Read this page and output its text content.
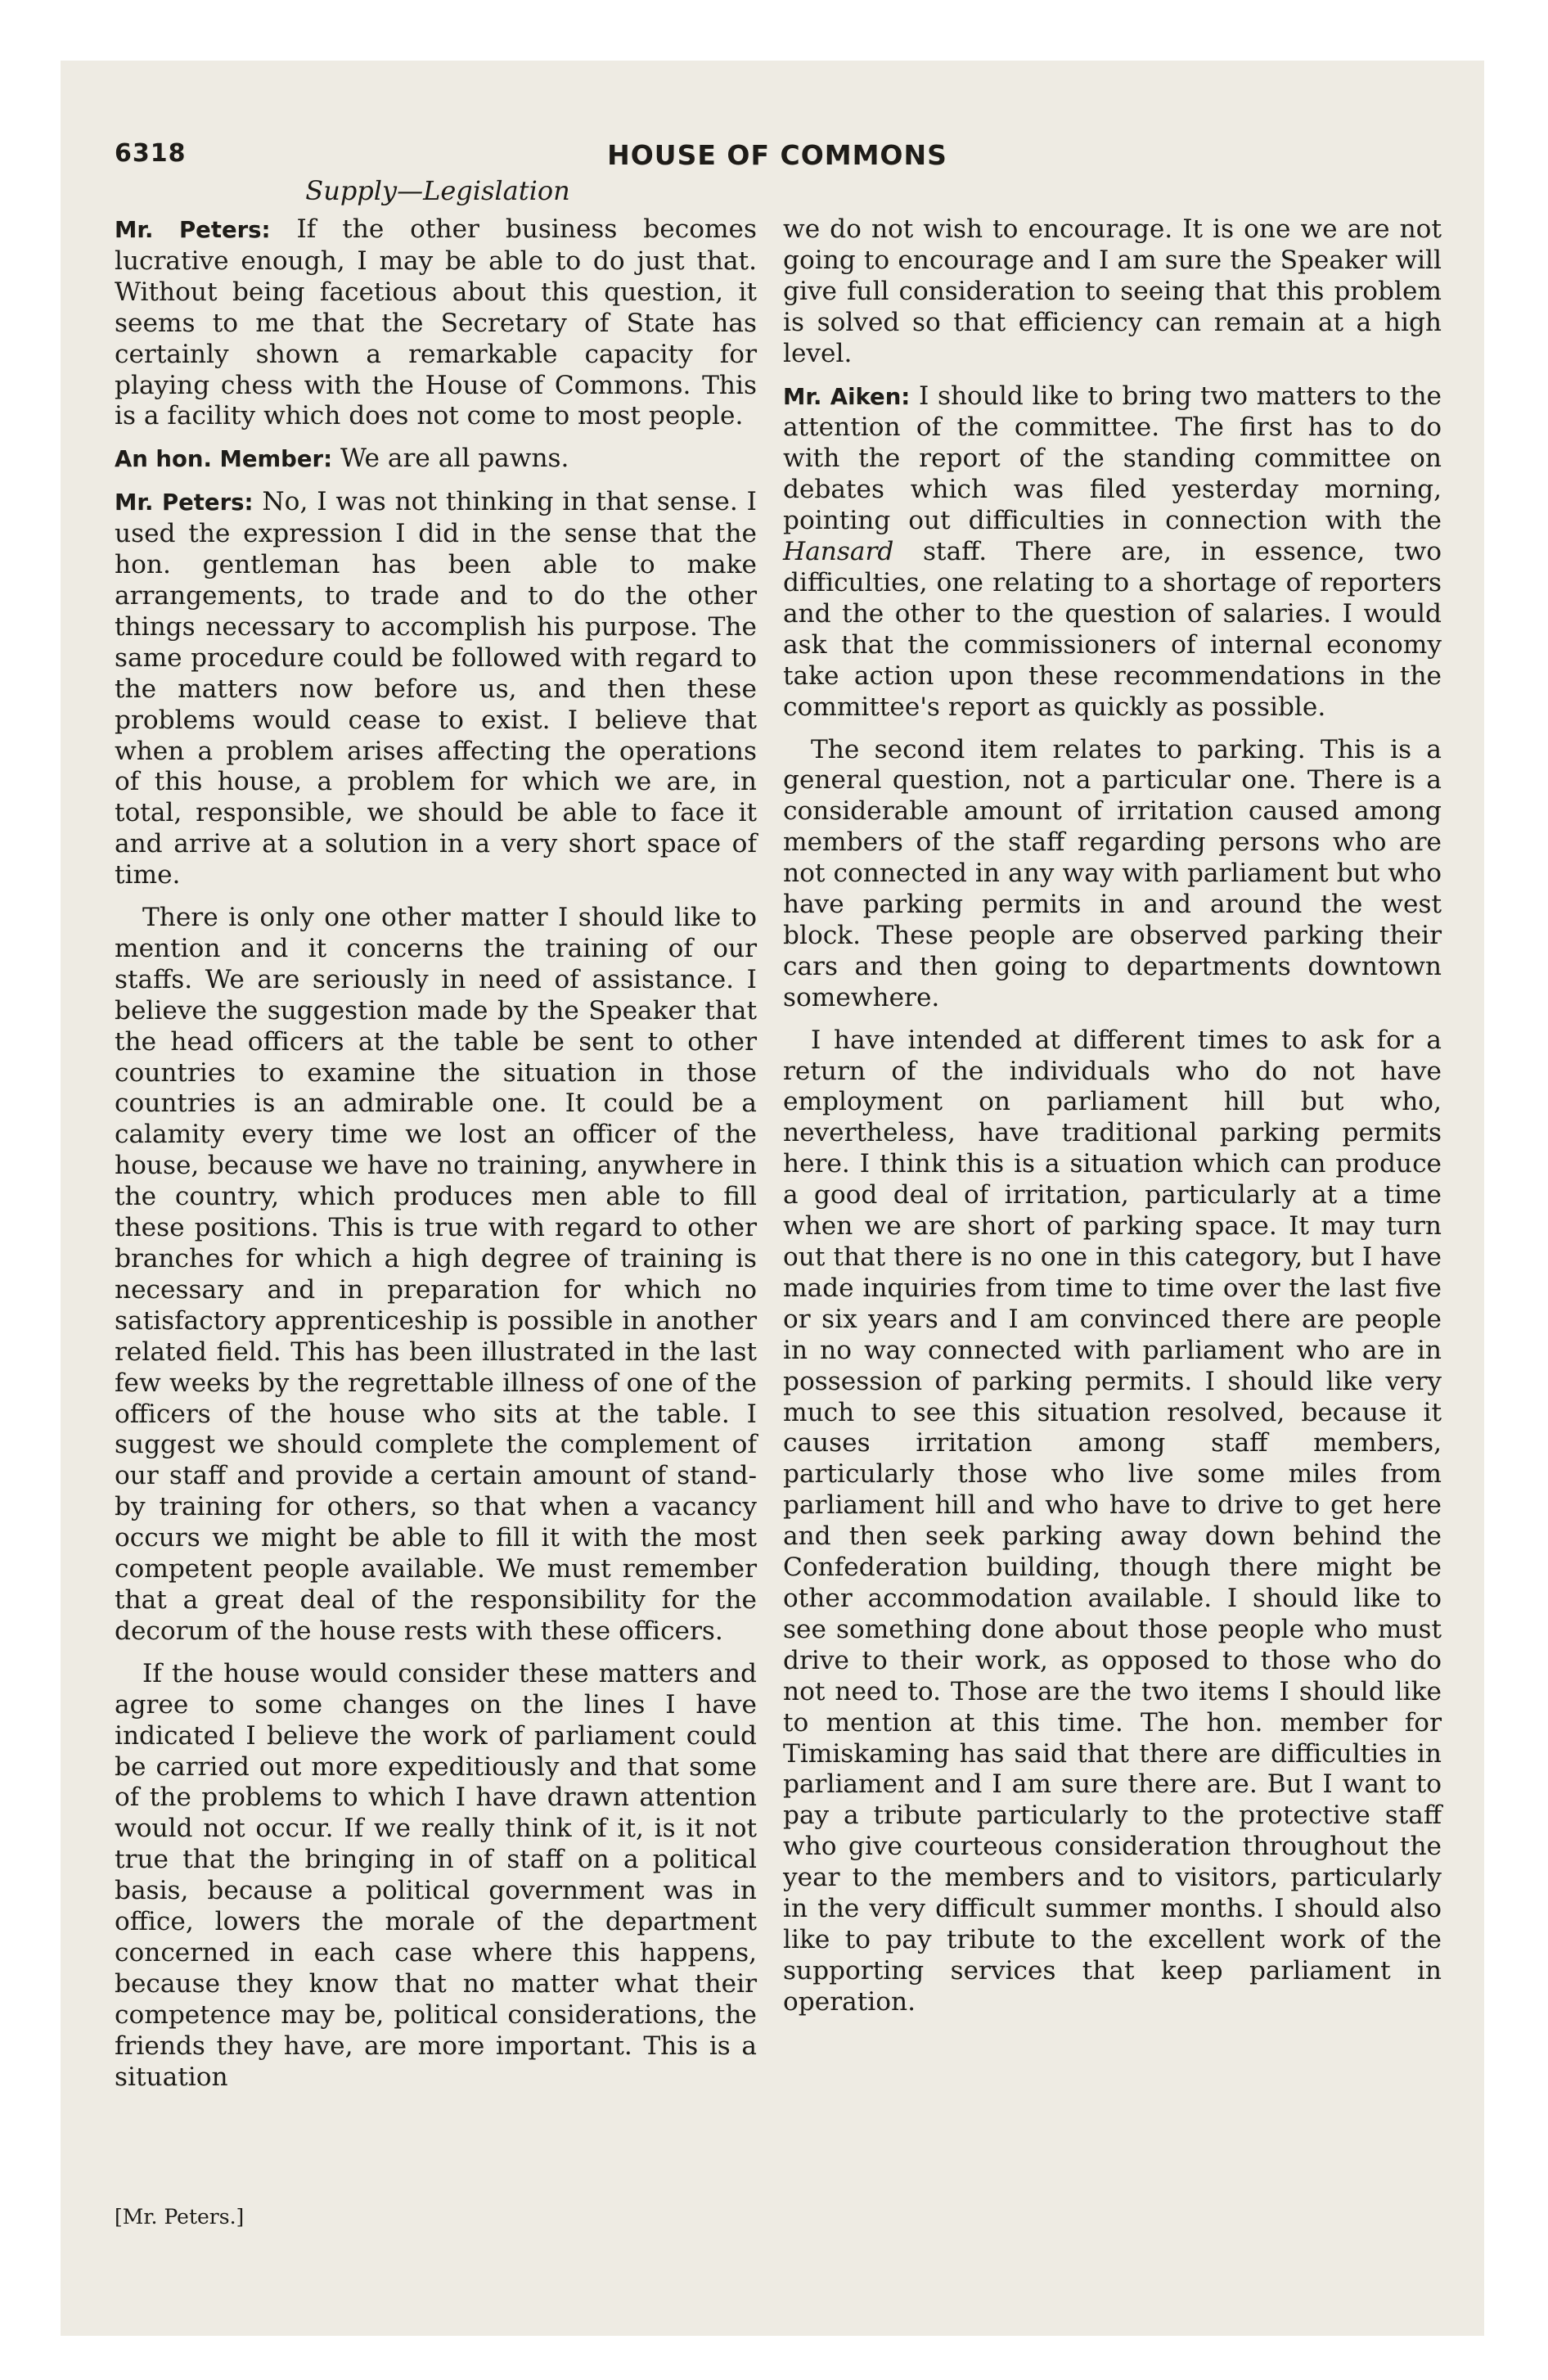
6318	HOUSE OF COMMONS
Supply—Legislation

Mr. Peters: If the other business becomes lucrative enough, I may be able to do just that. Without being facetious about this question, it seems to me that the Secretary of State has certainly shown a remarkable capacity for playing chess with the House of Commons. This is a facility which does not come to most people.

An hon. Member: We are all pawns.

Mr. Peters: No, I was not thinking in that sense. I used the expression I did in the sense that the hon. gentleman has been able to make arrangements, to trade and to do the other things necessary to accomplish his purpose. The same procedure could be followed with regard to the matters now before us, and then these problems would cease to exist. I believe that when a problem arises affecting the operations of this house, a problem for which we are, in total, responsible, we should be able to face it and arrive at a solution in a very short space of time.

There is only one other matter I should like to mention and it concerns the training of our staffs. We are seriously in need of assistance. I believe the suggestion made by the Speaker that the head officers at the table be sent to other countries to examine the situation in those countries is an admirable one. It could be a calamity every time we lost an officer of the house, because we have no training, anywhere in the country, which produces men able to fill these positions. This is true with regard to other branches for which a high degree of training is necessary and in preparation for which no satisfactory apprenticeship is possible in another related field. This has been illustrated in the last few weeks by the regrettable illness of one of the officers of the house who sits at the table. I suggest we should complete the complement of our staff and provide a certain amount of stand-by training for others, so that when a vacancy occurs we might be able to fill it with the most competent people available. We must remember that a great deal of the responsibility for the decorum of the house rests with these officers.

If the house would consider these matters and agree to some changes on the lines I have indicated I believe the work of parliament could be carried out more expeditiously and that some of the problems to which I have drawn attention would not occur. If we really think of it, is it not true that the bringing in of staff on a political basis, because a political government was in office, lowers the morale of the department concerned in each case where this happens, because they know that no matter what their competence may be, political considerations, the friends they have, are more important. This is a situation

we do not wish to encourage. It is one we are not going to encourage and I am sure the Speaker will give full consideration to seeing that this problem is solved so that efficiency can remain at a high level.

Mr. Aiken: I should like to bring two matters to the attention of the committee. The first has to do with the report of the standing committee on debates which was filed yesterday morning, pointing out difficulties in connection with the Hansard staff. There are, in essence, two difficulties, one relating to a shortage of reporters and the other to the question of salaries. I would ask that the commissioners of internal economy take action upon these recommendations in the committee's report as quickly as possible.

The second item relates to parking. This is a general question, not a particular one. There is a considerable amount of irritation caused among members of the staff regarding persons who are not connected in any way with parliament but who have parking permits in and around the west block. These people are observed parking their cars and then going to departments downtown somewhere.

I have intended at different times to ask for a return of the individuals who do not have employment on parliament hill but who, nevertheless, have traditional parking permits here. I think this is a situation which can produce a good deal of irritation, particularly at a time when we are short of parking space. It may turn out that there is no one in this category, but I have made inquiries from time to time over the last five or six years and I am convinced there are people in no way connected with parliament who are in possession of parking permits. I should like very much to see this situation resolved, because it causes irritation among staff members, particularly those who live some miles from parliament hill and who have to drive to get here and then seek parking away down behind the Confederation building, though there might be other accommodation available. I should like to see something done about those people who must drive to their work, as opposed to those who do not need to. Those are the two items I should like to mention at this time. The hon. member for Timiskaming has said that there are difficulties in parliament and I am sure there are. But I want to pay a tribute particularly to the protective staff who give courteous consideration throughout the year to the members and to visitors, particularly in the very difficult summer months. I should also like to pay tribute to the excellent work of the supporting services that keep parliament in operation.

[Mr. Peters.]
